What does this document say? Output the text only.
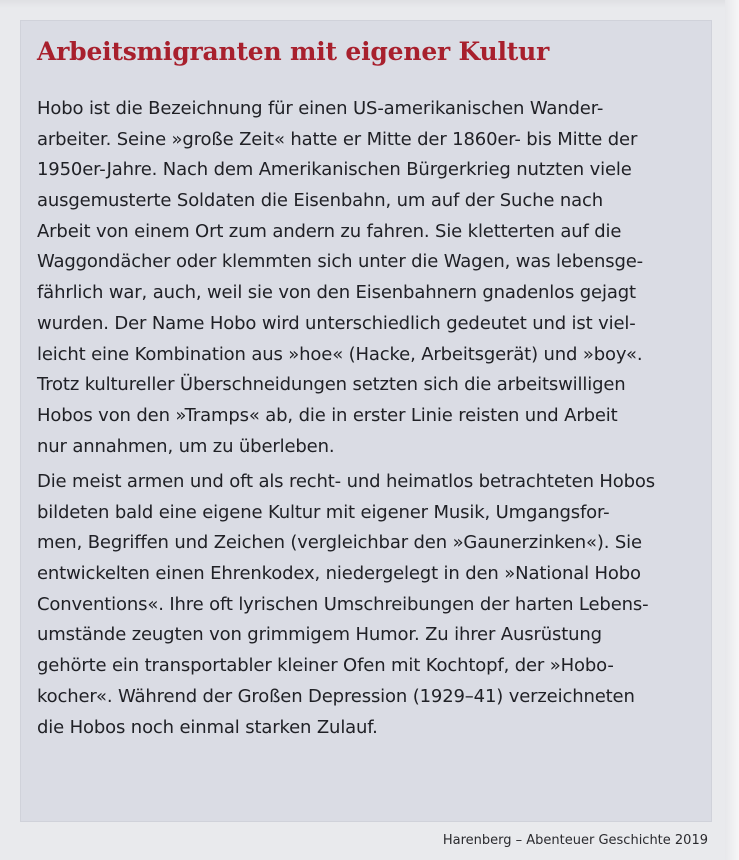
Arbeitsmigranten mit eigener Kultur

Hobo ist die Bezeichnung für einen US-amerikanischen Wander-
arbeiter. Seine »große Zeit« hatte er Mitte der 1860er- bis Mitte der
1950er-Jahre. Nach dem Amerikanischen Bürgerkrieg nutzten viele
ausgemusterte Soldaten die Eisenbahn, um auf der Suche nach
Arbeit von einem Ort zum andern zu fahren. Sie kletterten auf die
Waggondächer oder klemmten sich unter die Wagen, was lebensge-
fährlich war, auch, weil sie von den Eisenbahnern gnadenlos gejagt
wurden. Der Name Hobo wird unterschiedlich gedeutet und ist viel-
leicht eine Kombination aus »hoe« (Hacke, Arbeitsgerät) und »boy«.
Trotz kultureller Überschneidungen setzten sich die arbeitswilligen
Hobos von den »Tramps« ab, die in erster Linie reisten und Arbeit
nur annahmen, um zu überleben.

Die meist armen und oft als recht- und heimatlos betrachteten Hobos
bildeten bald eine eigene Kultur mit eigener Musik, Umgangsfor-
men, Begriffen und Zeichen (vergleichbar den »Gaunerzinken«). Sie
entwickelten einen Ehrenkodex, niedergelegt in den »National Hobo
Conventions«. Ihre oft lyrischen Umschreibungen der harten Lebens-
umstände zeugten von grimmigem Humor. Zu ihrer Ausrüstung
gehörte ein transportabler kleiner Ofen mit Kochtopf, der »Hobo-
kocher«. Während der Großen Depression (1929–41) verzeichneten
die Hobos noch einmal starken Zulauf.

Harenberg – Abenteuer Geschichte 2019
